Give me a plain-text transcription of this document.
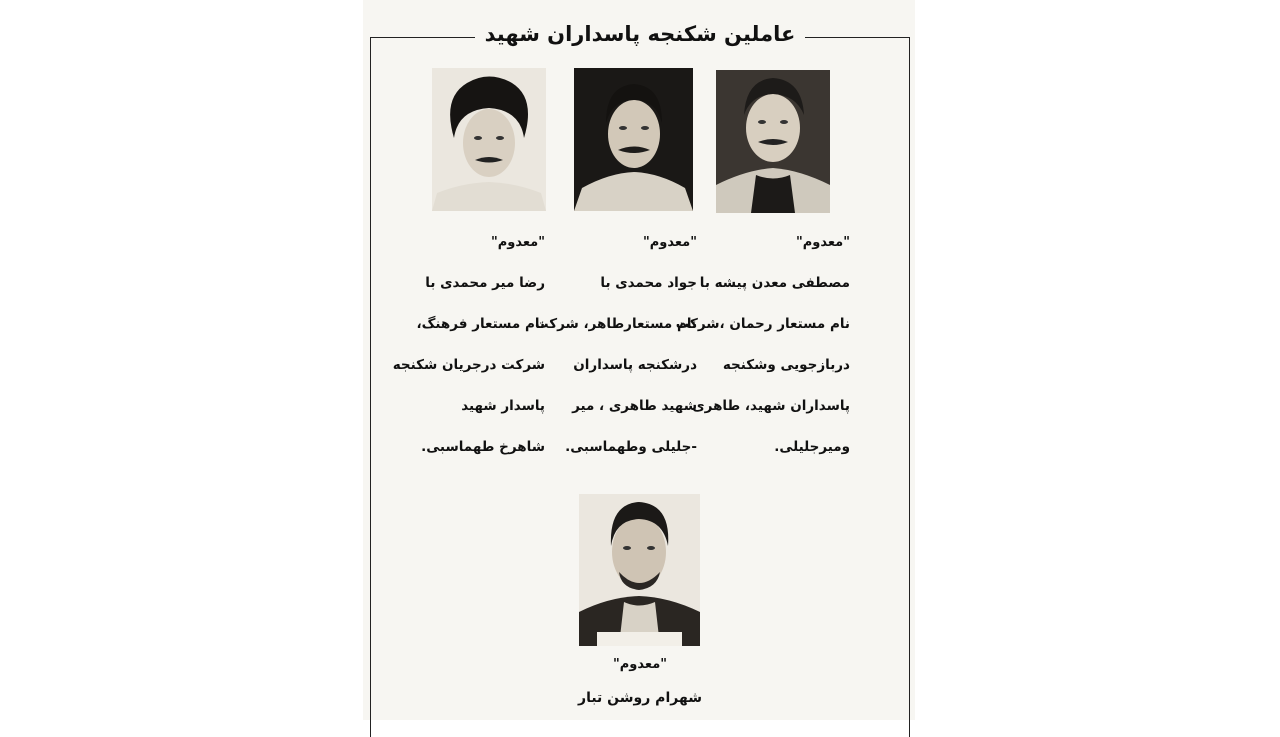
عاملین شکنجه پاسداران شهید
"معدوم"
مصطفی معدن پیشه با
نام مستعار رحمان ،شرکت
دربازجویی وشکنجه
پاسداران شهید، طاهری
ومیرجلیلی.
"معدوم"
جواد محمدی با
نام مستعارطاهر، شرکت
درشکنجه پاسداران
شهید طاهری ، میر
-جلیلی وطهماسبی.
"معدوم"
رضا میر محمدی با
نام مستعار فرهنگ،
شرکت درجریان شکنجه
پاسدار شهید
شاهرخ طهماسبی.
"معدوم"
شهرام روشن تبار
